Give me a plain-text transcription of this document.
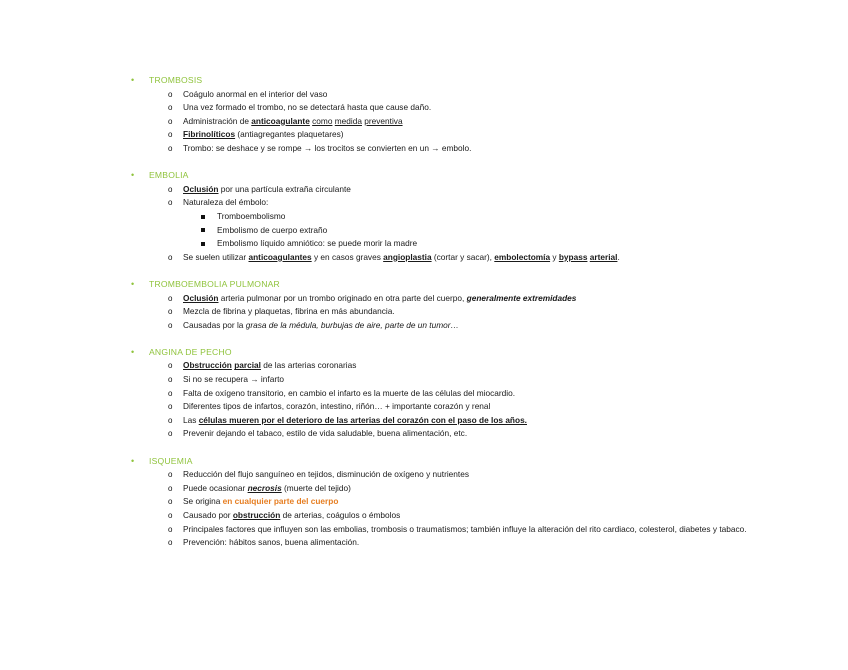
•	TROMBOSIS
o Coágulo anormal en el interior del vaso
o Una vez formado el trombo, no se detectará hasta que cause daño.
o Administración de anticoagulante como medida preventiva
o Fibrinolíticos (antiagregantes plaquetares)
o Trombo: se deshace y se rompe → los trocitos se convierten en un → embolo.
•	EMBOLIA
o Oclusión por una partícula extraña circulante
o Naturaleza del émbolo:
Tromboembolismo
Embolismo de cuerpo extraño
Embolismo líquido amniótico: se puede morir la madre
o Se suelen utilizar anticoagulantes y en casos graves angioplastia (cortar y sacar), embolectomía y bypass arterial.
•	TROMBOEMBOLIA PULMONAR
o Oclusión arteria pulmonar por un trombo originado en otra parte del cuerpo, generalmente extremidades
o Mezcla de fibrina y plaquetas, fibrina en más abundancia.
o Causadas por la grasa de la médula, burbujas de aire, parte de un tumor…
•	ANGINA DE PECHO
o Obstrucción parcial de las arterias coronarias
o Si no se recupera → infarto
o Falta de oxígeno transitorio, en cambio el infarto es la muerte de las células del miocardio.
o Diferentes tipos de infartos, corazón, intestino, riñón… + importante corazón y renal
o Las células mueren por el deterioro de las arterias del corazón con el paso de los años.
o Prevenir dejando el tabaco, estilo de vida saludable, buena alimentación, etc.
•	ISQUEMIA
o Reducción del flujo sanguíneo en tejidos, disminución de oxígeno y nutrientes
o Puede ocasionar necrosis (muerte del tejido)
o Se origina en cualquier parte del cuerpo
o Causado por obstrucción de arterias, coágulos o émbolos
o Principales factores que influyen son las embolias, trombosis o traumatismos; también influye la alteración del rito cardiaco, colesterol, diabetes y tabaco.
o Prevención: hábitos sanos, buena alimentación.
